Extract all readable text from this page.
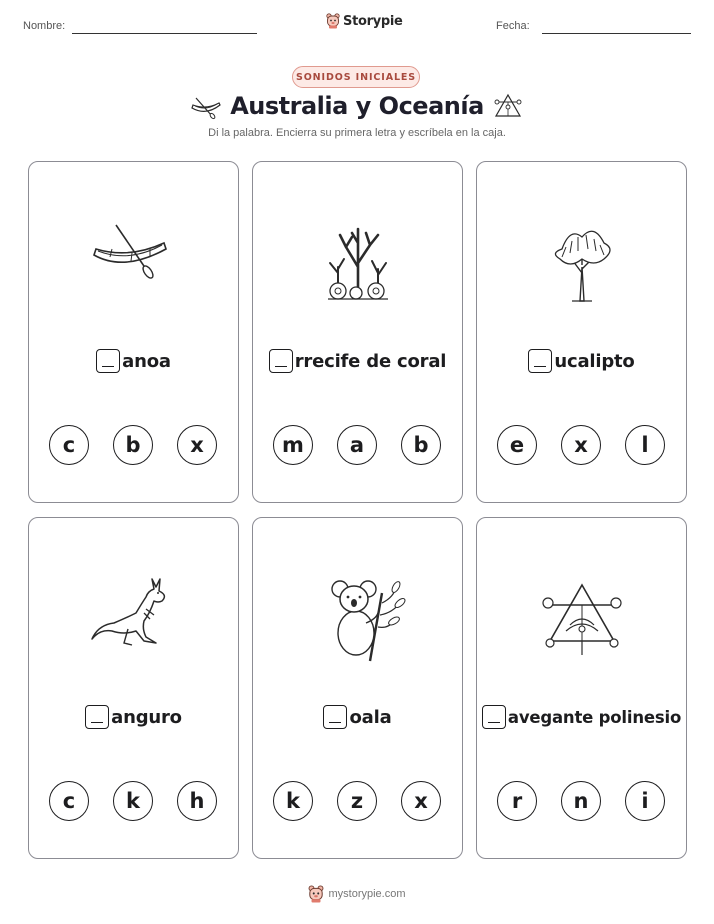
Nombre:	Storypie	Fecha:
SONIDOS INICIALES
Australia y Oceanía
Di la palabra. Encierra su primera letra y escríbela en la caja.
anoa
c	b	x
rrecife de coral
m	a	b
ucalipto
e	x	l
anguro
c	k	h
oala
k	z	x
avegante polinesio
r	n	i
mystorypie.com
